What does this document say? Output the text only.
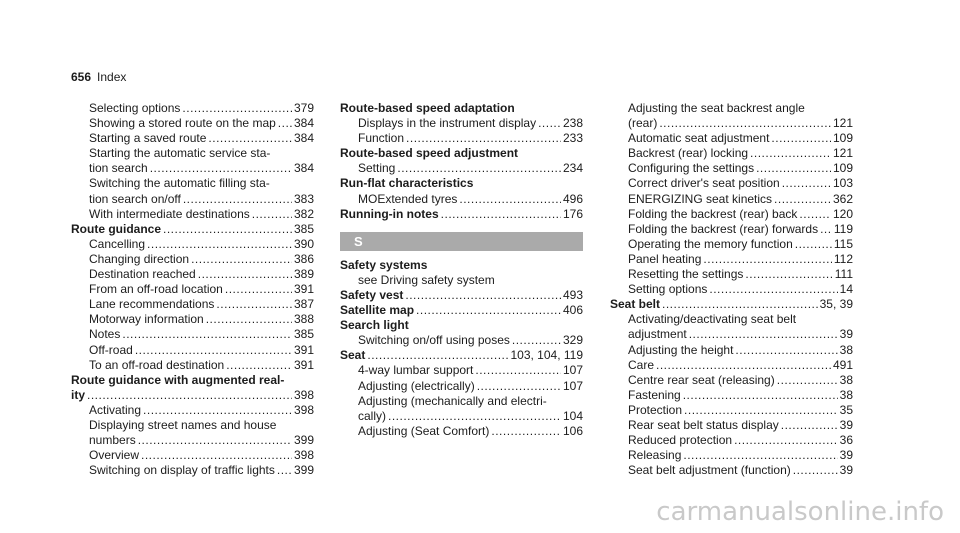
656 Index
Selecting options .....	379
Showing a stored route on the map ..... 384
Starting a saved route .....	384
Starting the automatic service sta-
tion search .....	384
Switching the automatic filling sta-
tion search on/off .....	383
With intermediate destinations .....	382
Route guidance .....	385
Cancelling .....	390
Changing direction .....	386
Destination reached .....	389
From an off-road location .....	391
Lane recommendations .....	387
Motorway information .....	388
Notes .....	385
Off-road .....	391
To an off-road destination .....	391
Route guidance with augmented real-
ity .....	398
Activating .....	398
Displaying street names and house
numbers .....	399
Overview .....	398
Switching on display of traffic lights ..... 399
Route-based speed adaptation
Displays in the instrument display ..... 238
Function .....	233
Route-based speed adjustment
Setting .....	234
Run-flat characteristics
MOExtended tyres .....	496
Running-in notes .....	176
S
Safety systems
see Driving safety system
Safety vest .....	493
Satellite map .....	406
Search light
Switching on/off using poses .....	329
Seat .....	103, 104, 119
4-way lumbar support .....	107
Adjusting (electrically) .....	107
Adjusting (mechanically and electri-
cally) .....	104
Adjusting (Seat Comfort) .....	106
Adjusting the seat backrest angle
(rear) .....	121
Automatic seat adjustment .....	109
Backrest (rear) locking .....	121
Configuring the settings .....	109
Correct driver's seat position .....	103
ENERGIZING seat kinetics .....	362
Folding the backrest (rear) back .....	120
Folding the backrest (rear) forwards ..... 119
Operating the memory function .....	115
Panel heating .....	112
Resetting the settings .....	111
Setting options .....	14
Seat belt .....	35, 39
Activating/deactivating seat belt
adjustment .....	39
Adjusting the height .....	38
Care .....	491
Centre rear seat (releasing) .....	38
Fastening .....	38
Protection .....	35
Rear seat belt status display .....	39
Reduced protection .....	36
Releasing .....	39
Seat belt adjustment (function) .....	39
carmanualsonline.info
